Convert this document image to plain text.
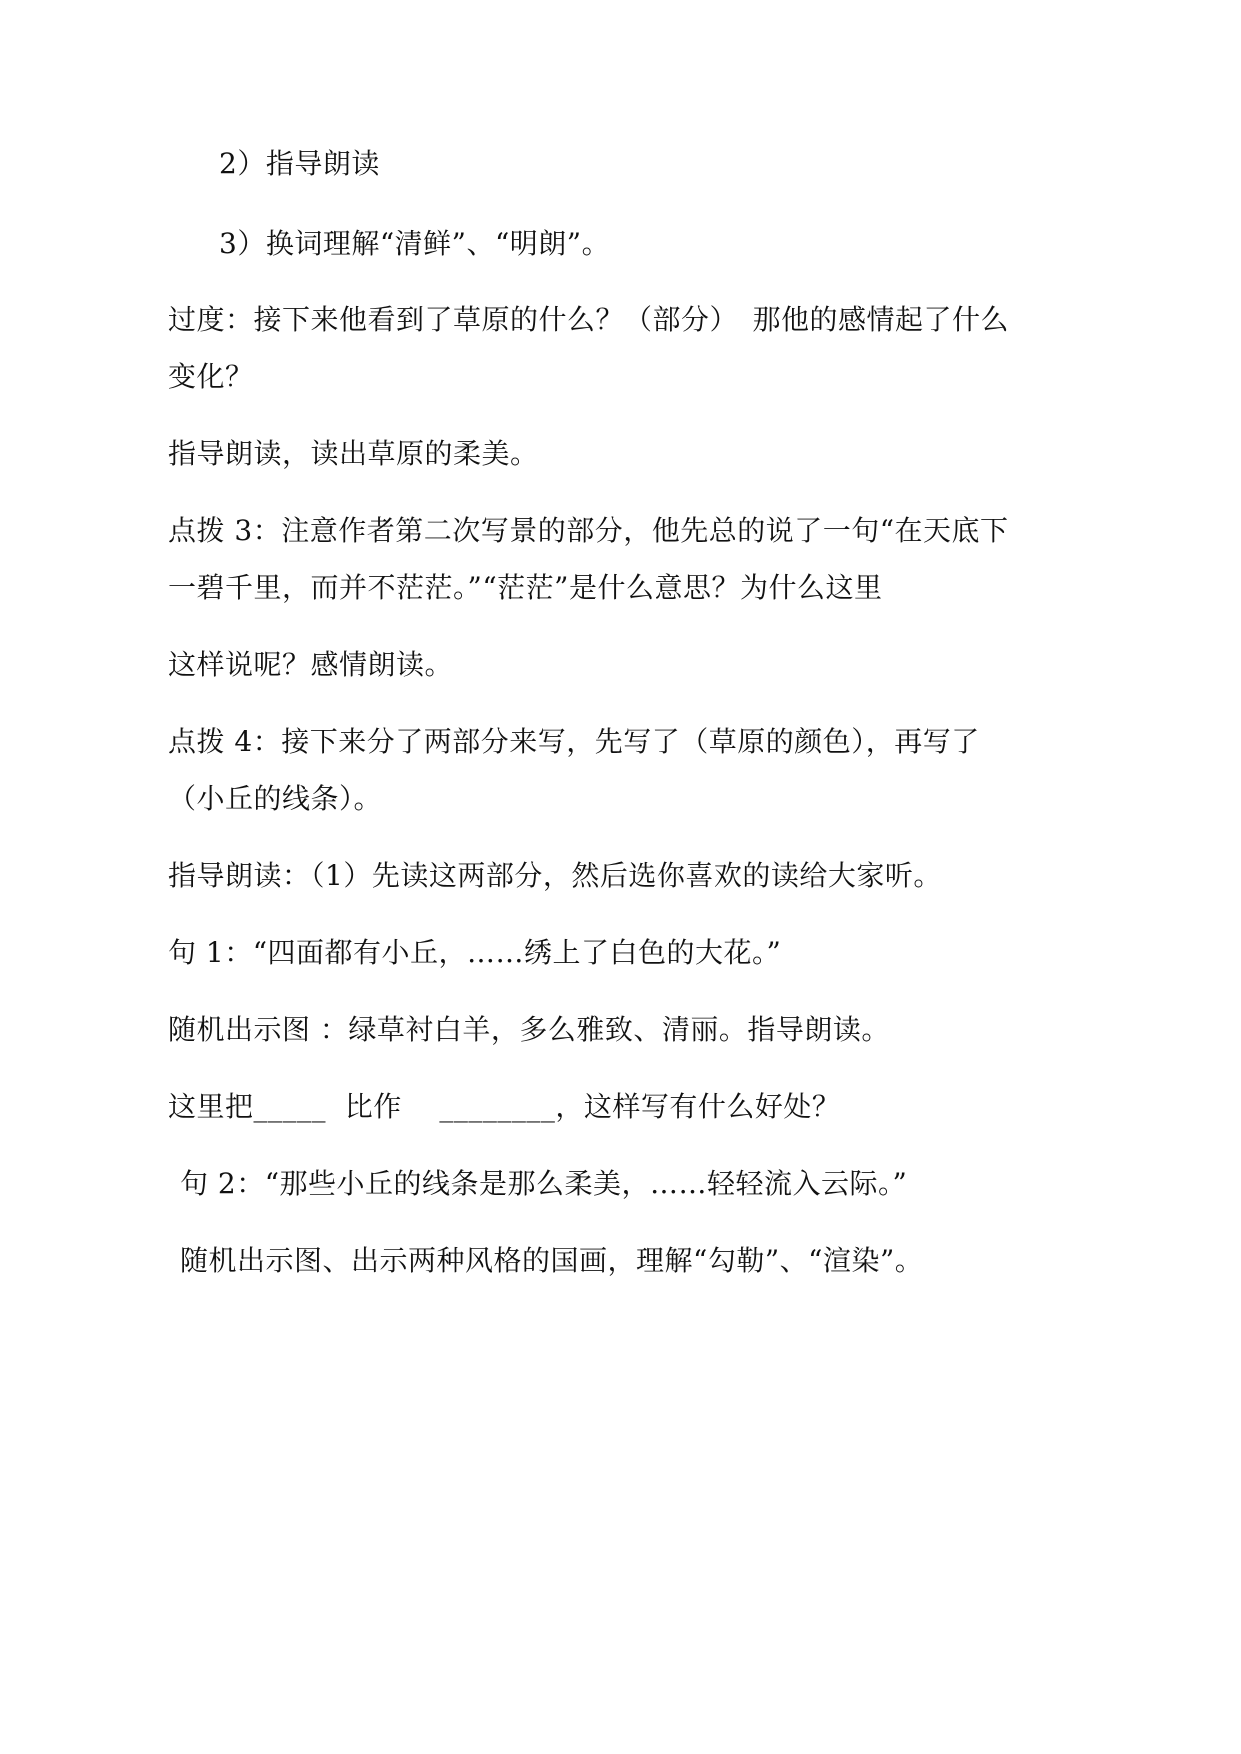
2）指导朗读
3）换词理解“清鲜”、“明朗”。
过度：接下来他看到了草原的什么？（部分）　那他的感情起了什么
变化？
指导朗读，读出草原的柔美。
点拨 3：注意作者第二次写景的部分，他先总的说了一句“在天底下
一碧千里，而并不茫茫。”“茫茫”是什么意思？为什么这里
这样说呢？感情朗读。
点拨 4：接下来分了两部分来写，先写了（草原的颜色），再写了
（小丘的线条）。
指导朗读：（1）先读这两部分，然后选你喜欢的读给大家听。
句 1：“四面都有小丘，……绣上了白色的大花。”
随机出示图 ：绿草衬白羊，多么雅致、清丽。指导朗读。
这里把_____  比作    ________，这样写有什么好处？
句 2：“那些小丘的线条是那么柔美，……轻轻流入云际。”
随机出示图、出示两种风格的国画，理解“勾勒”、“渲染”。
